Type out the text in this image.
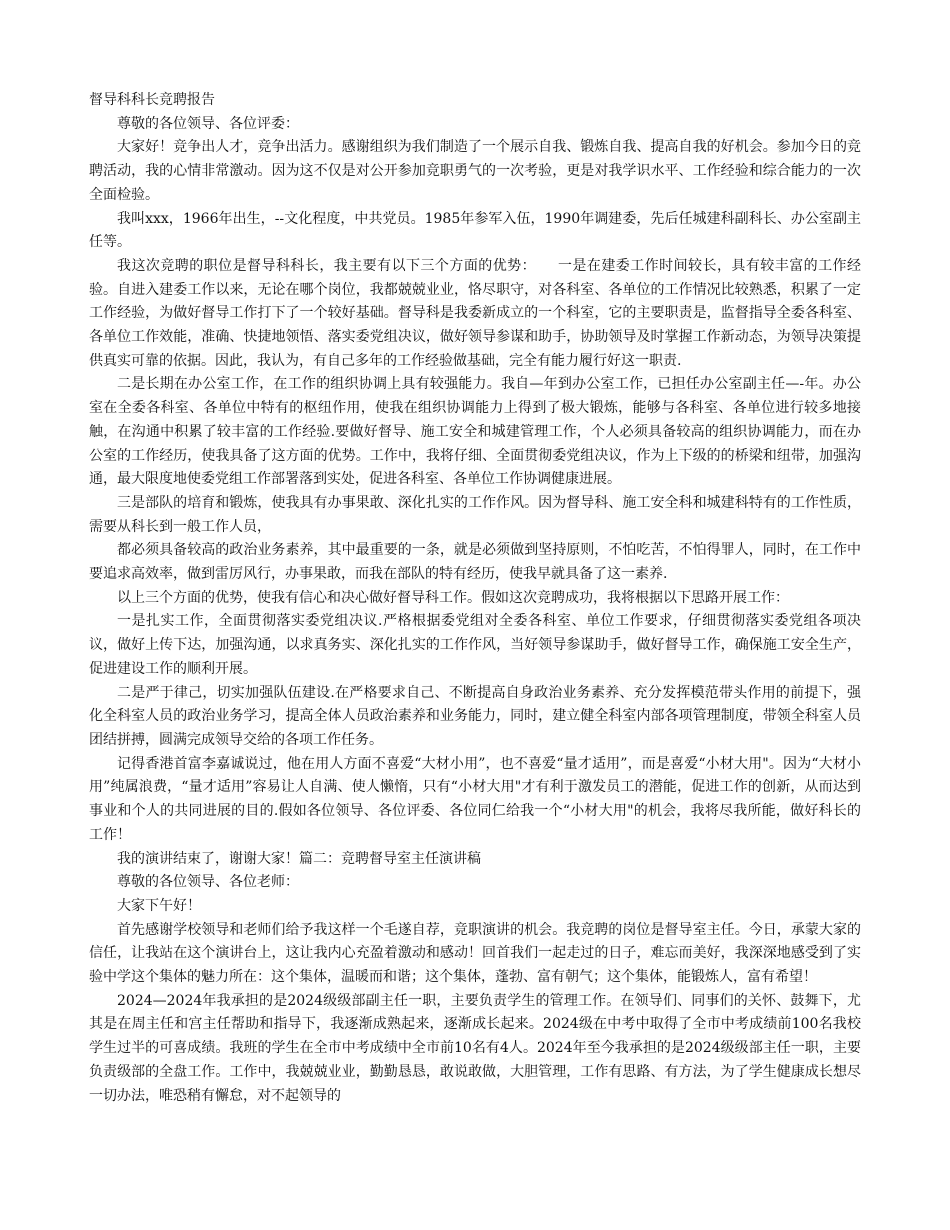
督导科科长竞聘报告
尊敬的各位领导、各位评委：
大家好！竞争出人才，竞争出活力。感谢组织为我们制造了一个展示自我、锻炼自我、提高自我的好机会。参加今日的竞聘活动，我的心情非常激动。因为这不仅是对公开参加竞职勇气的一次考验，更是对我学识水平、工作经验和综合能力的一次全面检验。
我叫xxx，1966年出生，--文化程度，中共党员。1985年参军入伍，1990年调建委，先后任城建科副科长、办公室副主任等。
我这次竞聘的职位是督导科科长，我主要有以下三个方面的优势：　　一是在建委工作时间较长，具有较丰富的工作经验。自进入建委工作以来，无论在哪个岗位，我都兢兢业业，恪尽职守，对各科室、各单位的工作情况比较熟悉，积累了一定工作经验，为做好督导工作打下了一个较好基础。督导科是我委新成立的一个科室，它的主要职责是，监督指导全委各科室、各单位工作效能，准确、快捷地领悟、落实委党组决议，做好领导参谋和助手，协助领导及时掌握工作新动态，为领导决策提供真实可靠的依据。因此，我认为，有自己多年的工作经验做基础，完全有能力履行好这一职责.
二是长期在办公室工作，在工作的组织协调上具有较强能力。我自—年到办公室工作，已担任办公室副主任—-年。办公室在全委各科室、各单位中特有的枢纽作用，使我在组织协调能力上得到了极大锻炼，能够与各科室、各单位进行较多地接触，在沟通中积累了较丰富的工作经验.要做好督导、施工安全和城建管理工作，个人必须具备较高的组织协调能力，而在办公室的工作经历，使我具备了这方面的优势。工作中，我将仔细、全面贯彻委党组决议，作为上下级的的桥梁和纽带，加强沟通，最大限度地使委党组工作部署落到实处，促进各科室、各单位工作协调健康进展。
三是部队的培育和锻炼，使我具有办事果敢、深化扎实的工作作风。因为督导科、施工安全科和城建科特有的工作性质，需要从科长到一般工作人员，
都必须具备较高的政治业务素养，其中最重要的一条，就是必须做到坚持原则，不怕吃苦，不怕得罪人，同时，在工作中要追求高效率，做到雷厉风行，办事果敢，而我在部队的特有经历，使我早就具备了这一素养.
以上三个方面的优势，使我有信心和决心做好督导科工作。假如这次竞聘成功，我将根据以下思路开展工作：
一是扎实工作，全面贯彻落实委党组决议.严格根据委党组对全委各科室、单位工作要求，仔细贯彻落实委党组各项决议，做好上传下达，加强沟通，以求真务实、深化扎实的工作作风，当好领导参谋助手，做好督导工作，确保施工安全生产，促进建设工作的顺利开展。
二是严于律己，切实加强队伍建设.在严格要求自己、不断提高自身政治业务素养、充分发挥模范带头作用的前提下，强化全科室人员的政治业务学习，提高全体人员政治素养和业务能力，同时，建立健全科室内部各项管理制度，带领全科室人员团结拼搏，圆满完成领导交给的各项工作任务。
记得香港首富李嘉诚说过，他在用人方面不喜爱“大材小用”，也不喜爱“量才适用”，而是喜爱“小材大用"。因为“大材小用”纯属浪费，“量才适用”容易让人自满、使人懒惰，只有“小材大用"才有利于激发员工的潜能，促进工作的创新，从而达到事业和个人的共同进展的目的.假如各位领导、各位评委、各位同仁给我一个“小材大用"的机会，我将尽我所能，做好科长的工作！
我的演讲结束了，谢谢大家！篇二：竞聘督导室主任演讲稿
尊敬的各位领导、各位老师：
大家下午好！
首先感谢学校领导和老师们给予我这样一个毛遂自荐，竞职演讲的机会。我竞聘的岗位是督导室主任。今日，承蒙大家的信任，让我站在这个演讲台上，这让我内心充盈着激动和感动！回首我们一起走过的日子，难忘而美好，我深深地感受到了实验中学这个集体的魅力所在：这个集体，温暖而和谐；这个集体，蓬勃、富有朝气；这个集体，能锻炼人，富有希望！
2024—2024年我承担的是2024级级部副主任一职，主要负责学生的管理工作。在领导们、同事们的关怀、鼓舞下，尤其是在周主任和宫主任帮助和指导下，我逐渐成熟起来，逐渐成长起来。2024级在中考中取得了全市中考成绩前100名我校学生过半的可喜成绩。我班的学生在全市中考成绩中全市前10名有4人。2024年至今我承担的是2024级级部主任一职，主要负责级部的全盘工作。工作中，我兢兢业业，勤勤恳恳，敢说敢做，大胆管理，工作有思路、有方法，为了学生健康成长想尽一切办法，唯恐稍有懈怠，对不起领导的
